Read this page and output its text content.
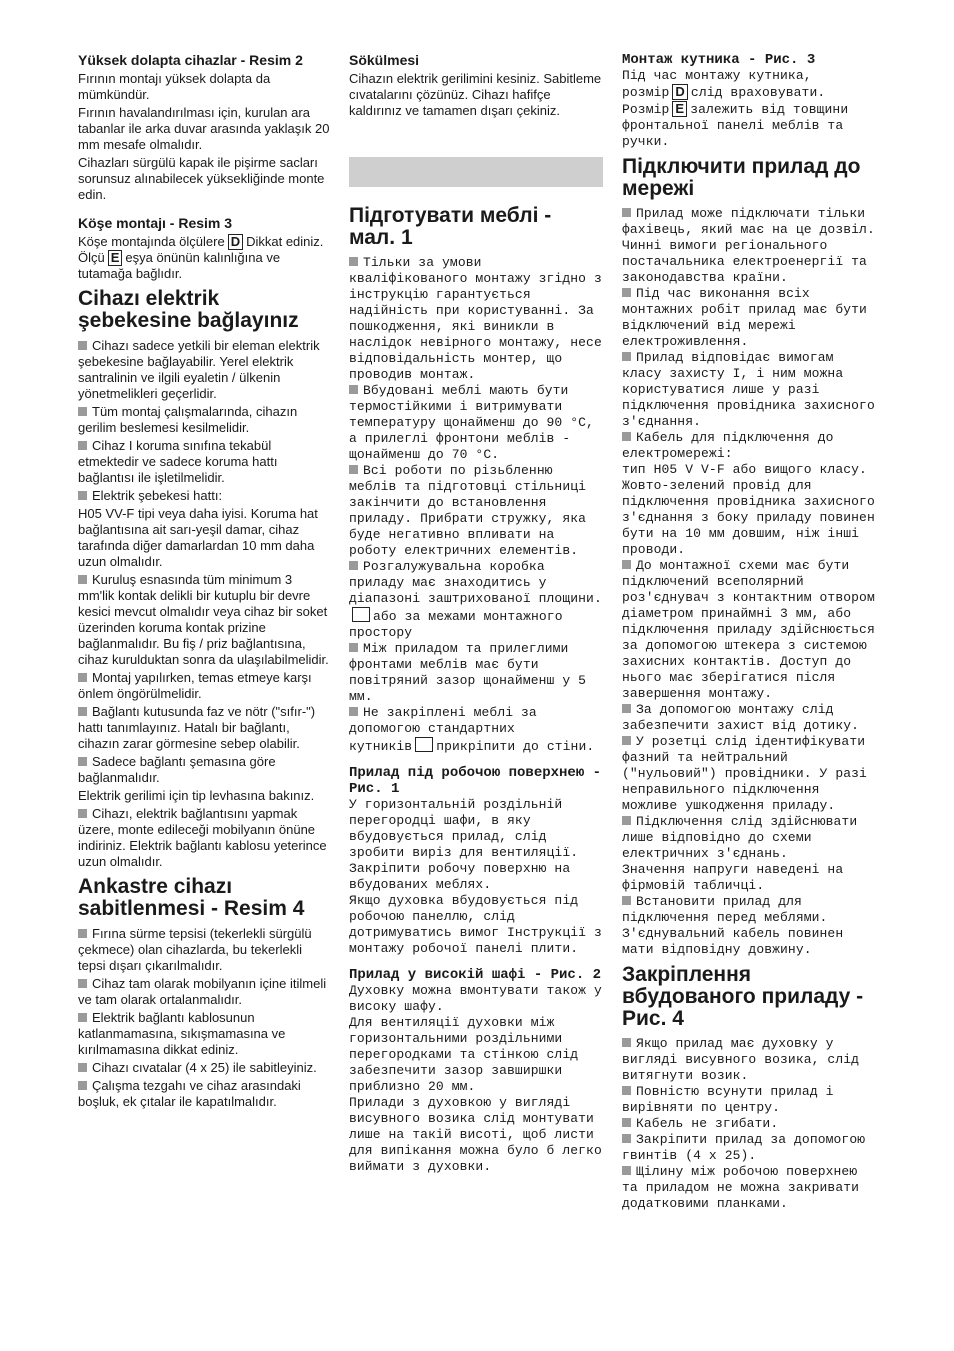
Yüksek dolapta cihazlar - Resim 2
Fırının montajı yüksek dolapta da mümkündür.
Fırının havalandırılması için, kurulan ara tabanlar ile arka duvar arasında yaklaşık 20 mm mesafe olmalıdır.
Cihazları sürgülü kapak ile pişirme sacları sorunsuz alınabilecek yüksekliğinde monte edin.
Köşe montajı - Resim 3
Köşe montajında ölçülere D Dikkat ediniz. Ölçü E eşya önünün kalınlığına ve tutamağa bağlıdır.
Cihazı elektrik şebekesine bağlayınız
Cihazı sadece yetkili bir eleman elektrik şebekesine bağlayabilir. Yerel elektrik santralinin ve ilgili eyaletin / ülkenin yönetmelikleri geçerlidir.
Tüm montaj çalışmalarında, cihazın gerilim beslemesi kesilmelidir.
Cihaz I koruma sınıfına tekabül etmektedir ve sadece koruma hattı bağlantısı ile işletilmelidir.
Elektrik şebekesi hattı:
H05 VV-F tipi veya daha iyisi. Koruma hat bağlantısına ait sarı-yeşil damar, cihaz tarafında diğer damarlardan 10 mm daha uzun olmalıdır.
Kuruluş esnasında tüm minimum 3 mm'lik kontak delikli bir kutuplu bir devre kesici mevcut olmalıdır veya cihaz bir soket üzerinden koruma kontak prizine bağlanmalıdır. Bu fiş / priz bağlantısına, cihaz kurulduktan sonra da ulaşılabilmelidir.
Montaj yapılırken, temas etmeye karşı önlem öngörülmelidir.
Bağlantı kutusunda faz ve nötr ("sıfır-") hattı tanımlayınız. Hatalı bir bağlantı, cihazın zarar görmesine sebep olabilir.
Sadece bağlantı şemasına göre bağlanmalıdır.
Elektrik gerilimi için tip levhasına bakınız.
Cihazı, elektrik bağlantısını yapmak üzere, monte edileceği mobilyanın önüne indiriniz. Elektrik bağlantı kablosu yeterince uzun olmalıdır.
Ankastre cihazı sabitlenmesi - Resim 4
Fırına sürme tepsisi (tekerlekli sürgülü çekmece) olan cihazlarda, bu tekerlekli tepsi dışarı çıkarılmalıdır.
Cihaz tam olarak mobilyanın içine itilmeli ve tam olarak ortalanmalıdır.
Elektrik bağlantı kablosunun katlanmamasına, sıkışmamasına ve kırılmamasına dikkat ediniz.
Cihazı cıvatalar (4 x 25) ile sabitleyiniz.
Çalışma tezgahı ve cihaz arasındaki boşluk, ek çıtalar ile kapatılmalıdır.
Sökülmesi
Cihazın elektrik gerilimini kesiniz. Sabitleme cıvatalarını çözünüz. Cihazı hafifçe kaldırınız ve tamamen dışarı çekiniz.
Підготувати меблі - мал. 1
Тільки за умови кваліфікованого монтажу згідно з інструкцію гарантується надійність при користуванні. За пошкодження, які виникли в наслідок невірного монтажу, несе відповідальність монтер, що проводив монтаж.
Вбудовані меблі мають бути термостійкими і витримувати температуру щонайменш до 90 °C, а прилеглі фронтони меблів - щонайменш до 70 °C.
Всі роботи по різьбленню меблів та підготовці стільниці закінчити до встановлення приладу. Прибрати стружку, яка буде негативно впливати на роботу електричних елементів.
Розгалужувальна коробка приладу має знаходитись у діапазоні заштрихованої площини.
або за межами монтажного простору
Між приладом та прилеглими фронтами меблів має бути повітряний зазор щонайменш у 5 мм.
Не закріплені меблі за допомогою стандартних
кутників прикріпити до стіни.
Прилад під робочою поверхнею - Рис. 1
У горизонтальній роздільній перегородці шафи, в яку вбудовується прилад, слід зробити виріз для вентиляції.
Закріпити робочу поверхню на вбудованих меблях.
Якщо духовка вбудовується під робочою панеллю, слід дотримуватись вимог Інструкції з монтажу робочої панелі плити.
Прилад у високій шафі - Рис. 2
Духовку можна вмонтувати також у високу шафу.
Для вентиляції духовки між горизонтальними роздільними перегородками та стінкою слід забезпечити зазор завширшки приблизно 20 мм.
Прилади з духовкою у вигляді висувного возика слід монтувати лише на такій висоті, щоб листи для випікання можна було б легко виймати з духовки.
Монтаж кутника - Рис. 3
Під час монтажу кутника,
розмір D слід враховувати.
Розмір E залежить від товщини фронтальної панелі меблів та ручки.
Підключити прилад до мережі
Прилад може підключати тільки фахівець, який має на це дозвіл. Чинні вимоги регіонального постачальника електроенергії та законодавства країни.
Під час виконання всіх монтажних робіт прилад має бути відключений від мережі електроживлення.
Прилад відповідає вимогам класу захисту I, і ним можна користуватися лише у разі підключення провідника захисного з'єднання.
Кабель для підключення до електромережі:
тип H05 V V-F або вищого класу. Жовто-зелений провід для підключення провідника захисного з'єднання з боку приладу повинен бути на 10 мм довшим, ніж інші проводи.
До монтажної схеми має бути підключений всеполярний роз'єднувач з контактним отвором діаметром принаймні 3 мм, або підключення приладу здійснюється за допомогою штекера з системою захисних контактів. Доступ до нього має зберігатися після завершення монтажу.
За допомогою монтажу слід забезпечити захист від дотику.
У розетці слід ідентифікувати фазний та нейтральний ("нульовий") провідники. У разі неправильного підключення можливе ушкодження приладу.
Підключення слід здійснювати лише відповідно до схеми електричних з'єднань.
Значення напруги наведені на фірмовій табличці.
Встановити прилад для підключення перед меблями. З'єднувальний кабель повинен мати відповідну довжину.
Закріплення вбудованого приладу - Рис. 4
Якщо прилад має духовку у вигляді висувного возика, слід витягнути возик.
Повністю всунути прилад і вирівняти по центру.
Кабель не згибати.
Закріпити прилад за допомогою гвинтів (4 x 25).
Щілину між робочою поверхнею та приладом не можна закривати додатковими планками.
